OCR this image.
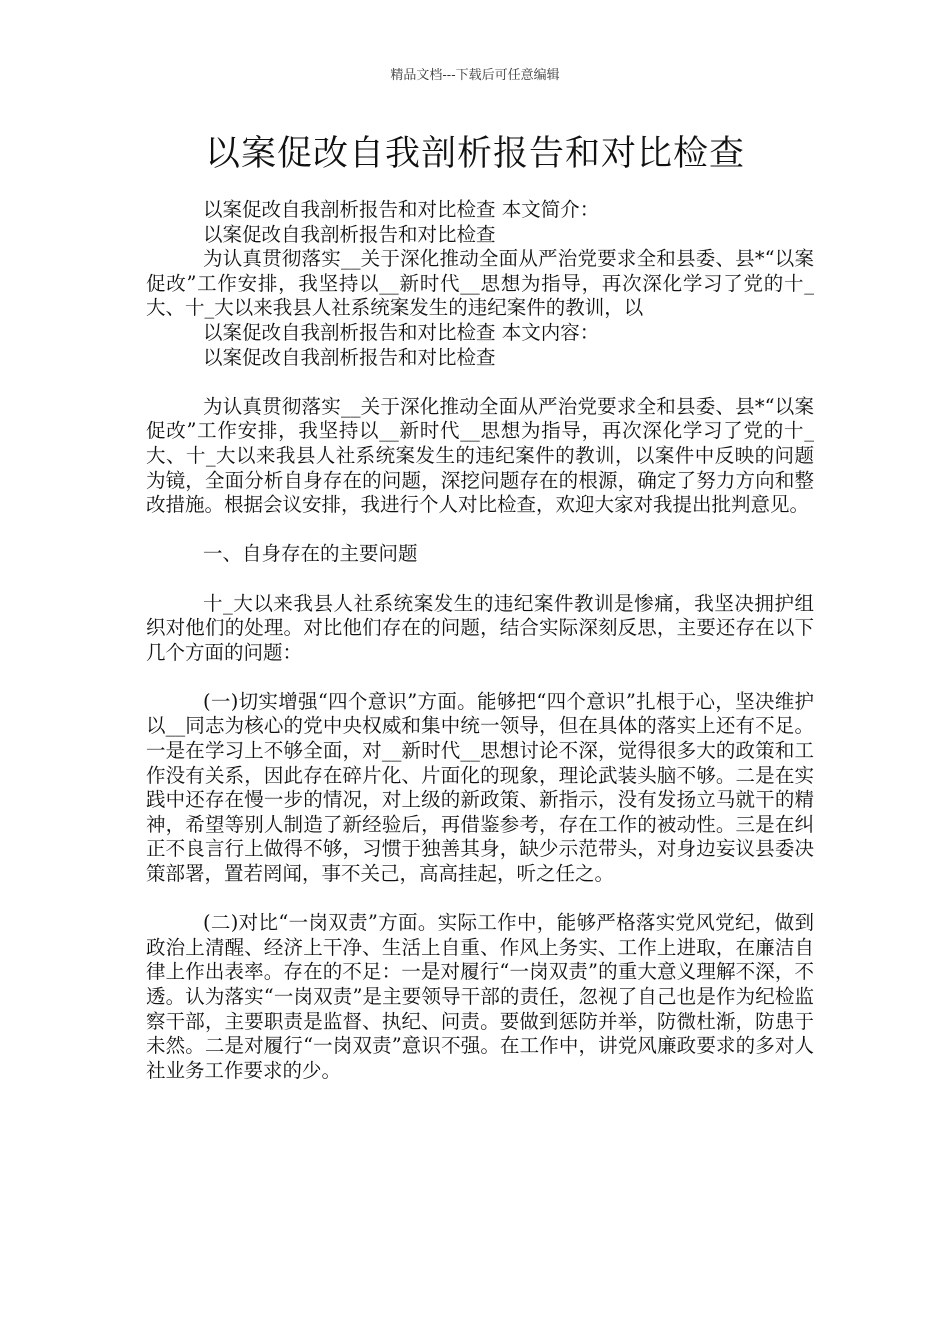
精品文档---下载后可任意编辑
以案促改自我剖析报告和对比检查

以案促改自我剖析报告和对比检查 本文简介：

以案促改自我剖析报告和对比检查

为认真贯彻落实__关于深化推动全面从严治党要求全和县委、县*“以案促改”工作安排，我坚持以__新时代__思想为指导，再次深化学习了党的十_大、十_大以来我县人社系统案发生的违纪案件的教训，以

以案促改自我剖析报告和对比检查 本文内容：

以案促改自我剖析报告和对比检查

为认真贯彻落实__关于深化推动全面从严治党要求全和县委、县*“以案促改”工作安排，我坚持以__新时代__思想为指导，再次深化学习了党的十_大、十_大以来我县人社系统案发生的违纪案件的教训，以案件中反映的问题为镜，全面分析自身存在的问题，深挖问题存在的根源，确定了努力方向和整改措施。根据会议安排，我进行个人对比检查，欢迎大家对我提出批判意见。

一、自身存在的主要问题

十_大以来我县人社系统案发生的违纪案件教训是惨痛，我坚决拥护组织对他们的处理。对比他们存在的问题，结合实际深刻反思，主要还存在以下几个方面的问题：

(一)切实增强“四个意识”方面。能够把“四个意识”扎根于心，坚决维护以__同志为核心的党中央权威和集中统一领导，但在具体的落实上还有不足。一是在学习上不够全面，对__新时代__思想讨论不深，觉得很多大的政策和工作没有关系，因此存在碎片化、片面化的现象，理论武装头脑不够。二是在实践中还存在慢一步的情况，对上级的新政策、新指示，没有发扬立马就干的精神，希望等别人制造了新经验后，再借鉴参考，存在工作的被动性。三是在纠正不良言行上做得不够，习惯于独善其身，缺少示范带头，对身边妄议县委决策部署，置若罔闻，事不关己，高高挂起，听之任之。

(二)对比“一岗双责”方面。实际工作中，能够严格落实党风党纪，做到政治上清醒、经济上干净、生活上自重、作风上务实、工作上进取，在廉洁自律上作出表率。存在的不足：一是对履行“一岗双责”的重大意义理解不深，不透。认为落实“一岗双责”是主要领导干部的责任，忽视了自己也是作为纪检监察干部，主要职责是监督、执纪、问责。要做到惩防并举，防微杜渐，防患于未然。二是对履行“一岗双责”意识不强。在工作中，讲党风廉政要求的多对人社业务工作要求的少。
